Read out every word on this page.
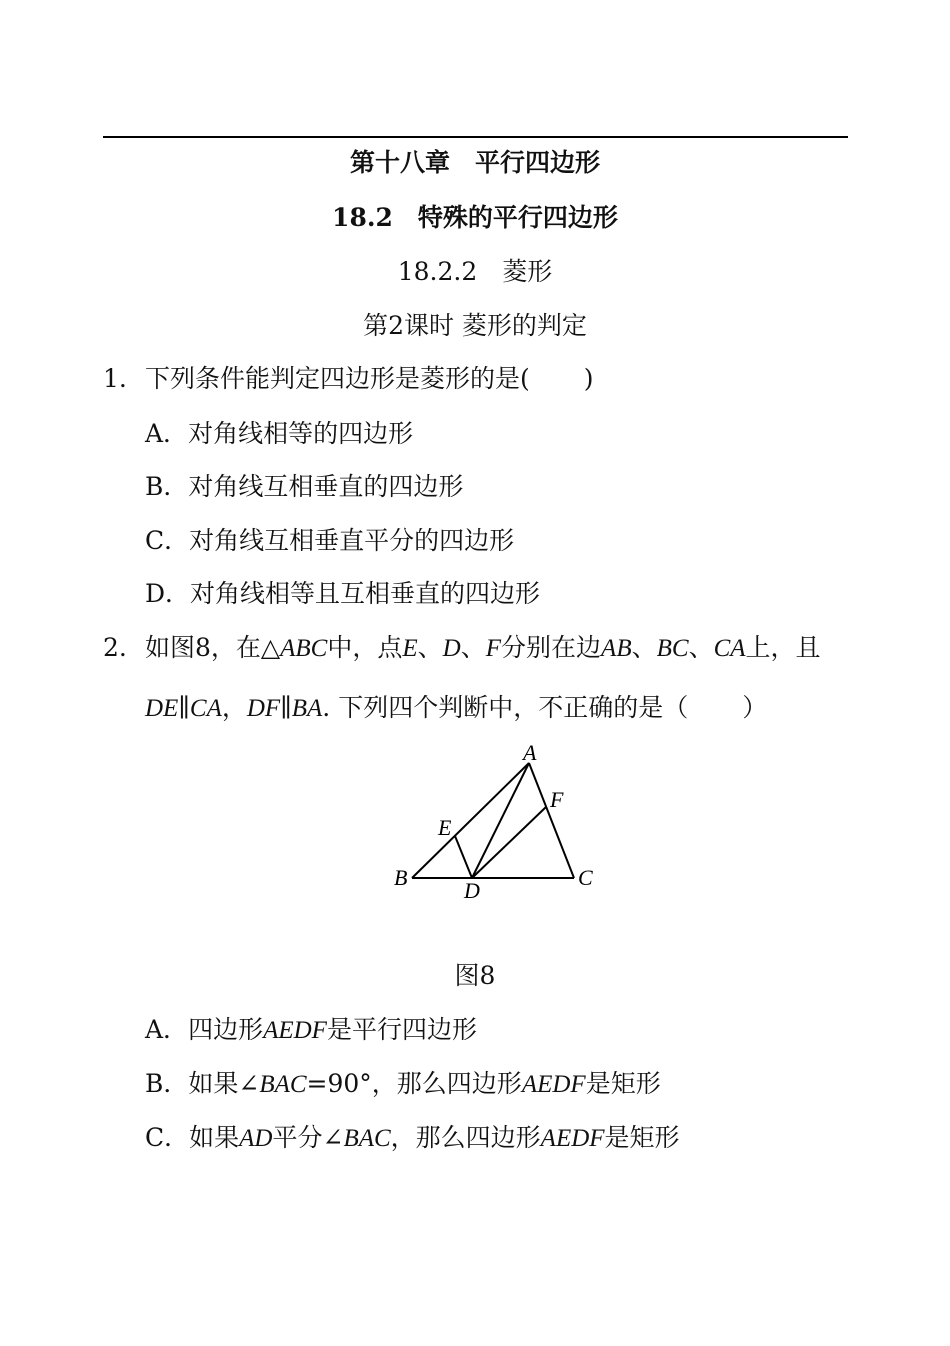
第十八章　平行四边形
18.2　特殊的平行四边形
18.2.2　菱形
第2课时 菱形的判定
1. 下列条件能判定四边形是菱形的是( )
A．对角线相等的四边形
B．对角线互相垂直的四边形
C．对角线互相垂直平分的四边形
D．对角线相等且互相垂直的四边形
2. 如图8，在△ABC中，点E、D、F分别在边AB、BC、CA上，且
DE∥CA，DF∥BA. 下列四个判断中，不正确的是（ ）
A
B	C
D
E
F
图8
A．四边形AEDF是平行四边形
B．如果∠BAC=90°，那么四边形AEDF是矩形
C．如果AD平分∠BAC，那么四边形AEDF是矩形
